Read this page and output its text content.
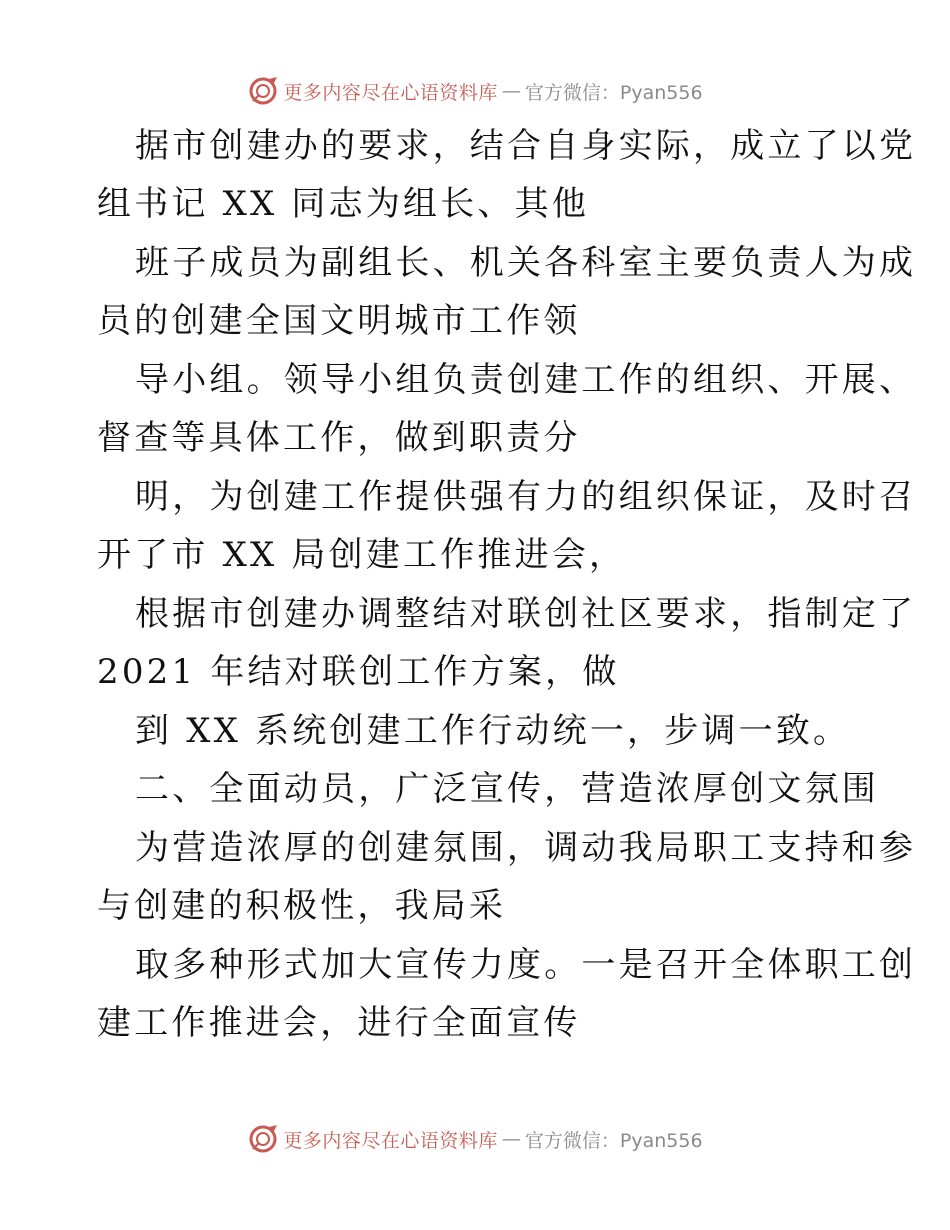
更多内容尽在心语资料库 — 官方微信：Pyan556
据市创建办的要求，结合自身实际，成立了以党
组书记 XX 同志为组长、其他
班子成员为副组长、机关各科室主要负责人为成
员的创建全国文明城市工作领
导小组。领导小组负责创建工作的组织、开展、
督查等具体工作，做到职责分
明，为创建工作提供强有力的组织保证，及时召
开了市 XX 局创建工作推进会，
根据市创建办调整结对联创社区要求，指制定了
2021 年结对联创工作方案，做
到 XX 系统创建工作行动统一，步调一致。
二、全面动员，广泛宣传，营造浓厚创文氛围
为营造浓厚的创建氛围，调动我局职工支持和参
与创建的积极性，我局采
取多种形式加大宣传力度。一是召开全体职工创
建工作推进会，进行全面宣传
更多内容尽在心语资料库 — 官方微信：Pyan556
